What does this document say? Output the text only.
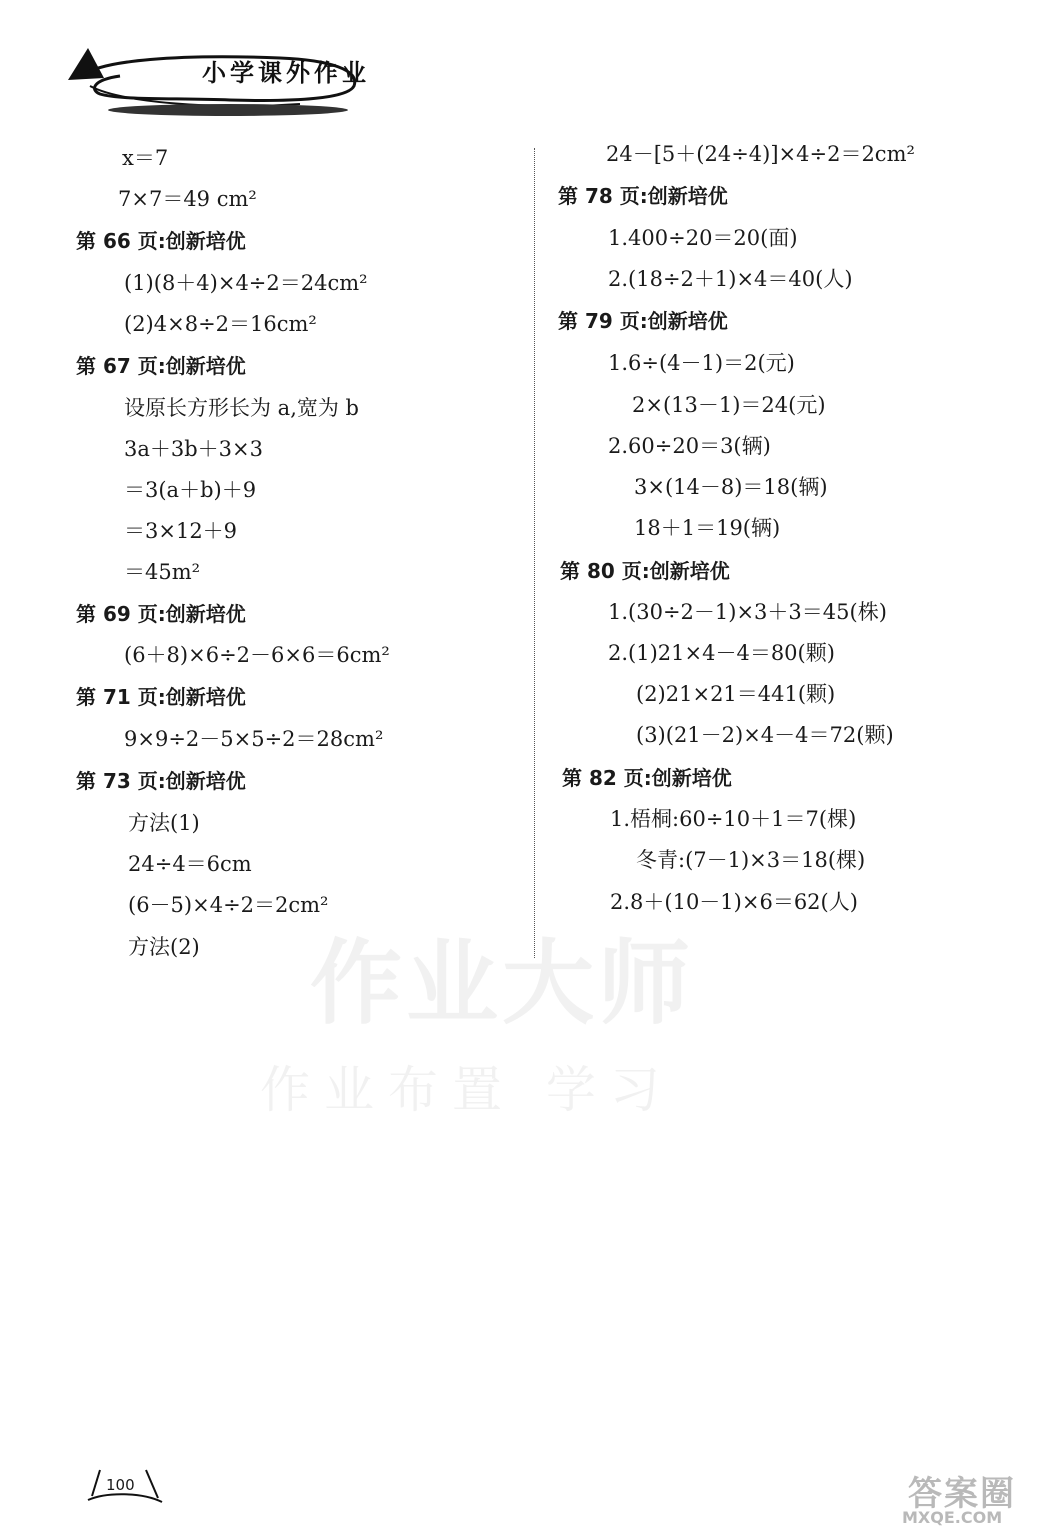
小学课外作业
x＝7
7×7＝49 cm²
第 66 页:创新培优
(1)(8＋4)×4÷2＝24cm²
(2)4×8÷2＝16cm²
第 67 页:创新培优
设原长方形长为 a,宽为 b
3a＋3b＋3×3
＝3(a＋b)＋9
＝3×12＋9
＝45m²
第 69 页:创新培优
(6＋8)×6÷2－6×6＝6cm²
第 71 页:创新培优
9×9÷2－5×5÷2＝28cm²
第 73 页:创新培优
方法(1)
24÷4＝6cm
(6－5)×4÷2＝2cm²
方法(2)
24－[5＋(24÷4)]×4÷2＝2cm²
第 78 页:创新培优
1.400÷20＝20(面)
2.(18÷2＋1)×4＝40(人)
第 79 页:创新培优
1.6÷(4－1)＝2(元)
2×(13－1)＝24(元)
2.60÷20＝3(辆)
3×(14－8)＝18(辆)
18＋1＝19(辆)
第 80 页:创新培优
1.(30÷2－1)×3＋3＝45(株)
2.(1)21×4－4＝80(颗)
(2)21×21＝441(颗)
(3)(21－2)×4－4＝72(颗)
第 82 页:创新培优
1.梧桐:60÷10＋1＝7(棵)
冬青:(7－1)×3＝18(棵)
2.8＋(10－1)×6＝62(人)
作业大师
作业布置 学习
100	答案圈
MXQE.COM
